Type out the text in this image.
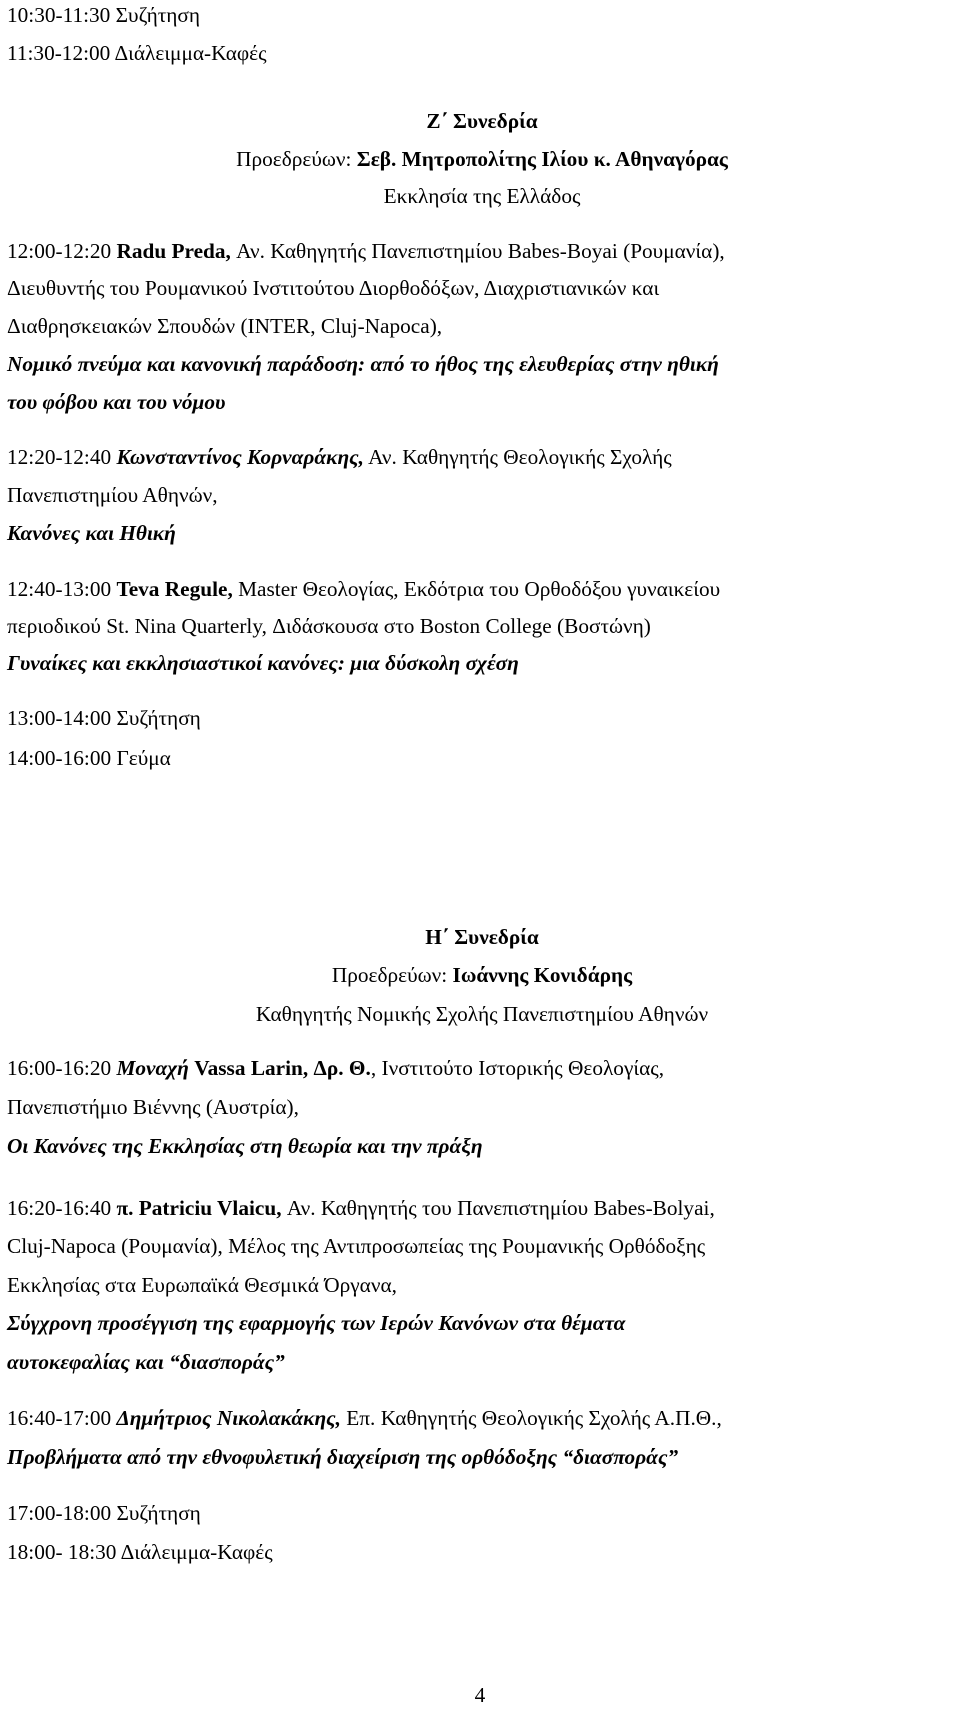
10:30-11:30 Συζήτηση
11:30-12:00 Διάλειμμα-Καφές
Ζ΄ Συνεδρία
Προεδρεύων: Σεβ. Μητροπολίτης Ιλίου κ. Αθηναγόρας
Εκκλησία της Ελλάδος
12:00-12:20 Radu Preda, Αν. Καθηγητής Πανεπιστημίου Babes-Boyai (Ρουμανία),
Διευθυντής του Ρουμανικού Ινστιτούτου Διορθοδόξων, Διαχριστιανικών και
Διαθρησκειακών Σπουδών (INTER, Cluj-Napoca),
Νομικό πνεύμα και κανονική παράδοση: από το ήθος της ελευθερίας στην ηθική
του φόβου και του νόμου
12:20-12:40 Κωνσταντίνος Κορναράκης, Αν. Καθηγητής Θεολογικής Σχολής
Πανεπιστημίου Αθηνών,
Κανόνες και Ηθική
12:40-13:00 Teva Regule, Master Θεολογίας, Εκδότρια του Ορθοδόξου γυναικείου
περιοδικού St. Nina Quarterly, Διδάσκουσα στο Boston College (Βοστώνη)
Γυναίκες και εκκλησιαστικοί κανόνες: μια δύσκολη σχέση
13:00-14:00 Συζήτηση
14:00-16:00 Γεύμα
Η΄ Συνεδρία
Προεδρεύων: Ιωάννης Κονιδάρης
Καθηγητής Νομικής Σχολής Πανεπιστημίου Αθηνών
16:00-16:20 Μοναχή Vassa Larin, Δρ. Θ., Ινστιτούτο Ιστορικής Θεολογίας,
Πανεπιστήμιο Βιέννης (Αυστρία),
Οι Κανόνες της Εκκλησίας στη θεωρία και την πράξη
16:20-16:40 π. Patriciu Vlaicu, Αν. Καθηγητής του Πανεπιστημίου Babes-Bolyai,
Cluj-Napoca (Ρουμανία), Μέλος της Αντιπροσωπείας της Ρουμανικής Ορθόδοξης
Εκκλησίας στα Ευρωπαϊκά Θεσμικά Όργανα,
Σύγχρονη προσέγγιση της εφαρμογής των Ιερών Κανόνων στα θέματα
αυτοκεφαλίας και “διασποράς”
16:40-17:00 Δημήτριος Νικολακάκης, Επ. Καθηγητής Θεολογικής Σχολής Α.Π.Θ.,
Προβλήματα από την εθνοφυλετική διαχείριση της ορθόδοξης “διασποράς”
17:00-18:00 Συζήτηση
18:00- 18:30 Διάλειμμα-Καφές
4
